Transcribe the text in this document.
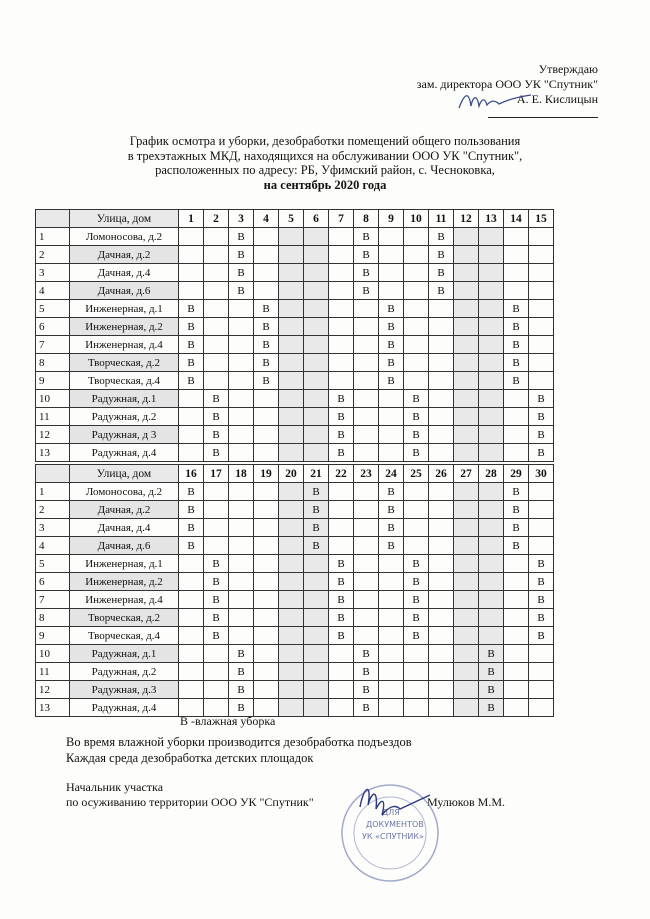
Утверждаю
зам. директора ООО УК "Спутник"
А. Е. Кислицын
График осмотра и уборки, дезобработки помещений общего пользования
в трехэтажных МКД, находящихся на обслуживании ООО УК "Спутник",
расположенных по адресу: РБ, Уфимский район, с. Чесноковка,
на сентябрь 2020 года
	Улица, дом	1	2	3	4	5	6	7	8	9	10	11	12	13	14	15
1	Ломоносова, д.2			В					В			В				
2	Дачная, д.2			В					В			В				
3	Дачная, д.4			В					В			В				
4	Дачная, д.6			В					В			В				
5	Инженерная, д.1	В			В					В					В	
6	Инженерная, д.2	В			В					В					В	
7	Инженерная, д.4	В			В					В					В	
8	Творческая, д.2	В			В					В					В	
9	Творческая, д.4	В			В					В					В	
10	Радужная, д.1		В					В			В					В
11	Радужная, д.2		В					В			В					В
12	Радужная, д 3		В					В			В					В
13	Радужная, д.4		В					В			В					В
	Улица, дом	16	17	18	19	20	21	22	23	24	25	26	27	28	29	30
1	Ломоносова, д.2	В					В			В					В	
2	Дачная, д.2	В					В			В					В	
3	Дачная, д.4	В					В			В					В	
4	Дачная, д.6	В					В			В					В	
5	Инженерная, д.1		В					В			В					В
6	Инженерная, д.2		В					В			В					В
7	Инженерная, д.4		В					В			В					В
8	Творческая, д.2		В					В			В					В
9	Творческая, д.4		В					В			В					В
10	Радужная, д.1			В					В					В		
11	Радужная, д.2			В					В					В		
12	Радужная, д.3			В					В					В		
13	Радужная, д.4			В					В					В		
В -влажная уборка
Во время влажной уборки производится дезобработка подъездов
Каждая среда дезобработка детских площадок
Начальник участка
по осуживанию территории ООО УК "Спутник"	Мулюков М.М.
ДЛЯ
ДОКУМЕНТОВ
УК «СПУТНИК»
